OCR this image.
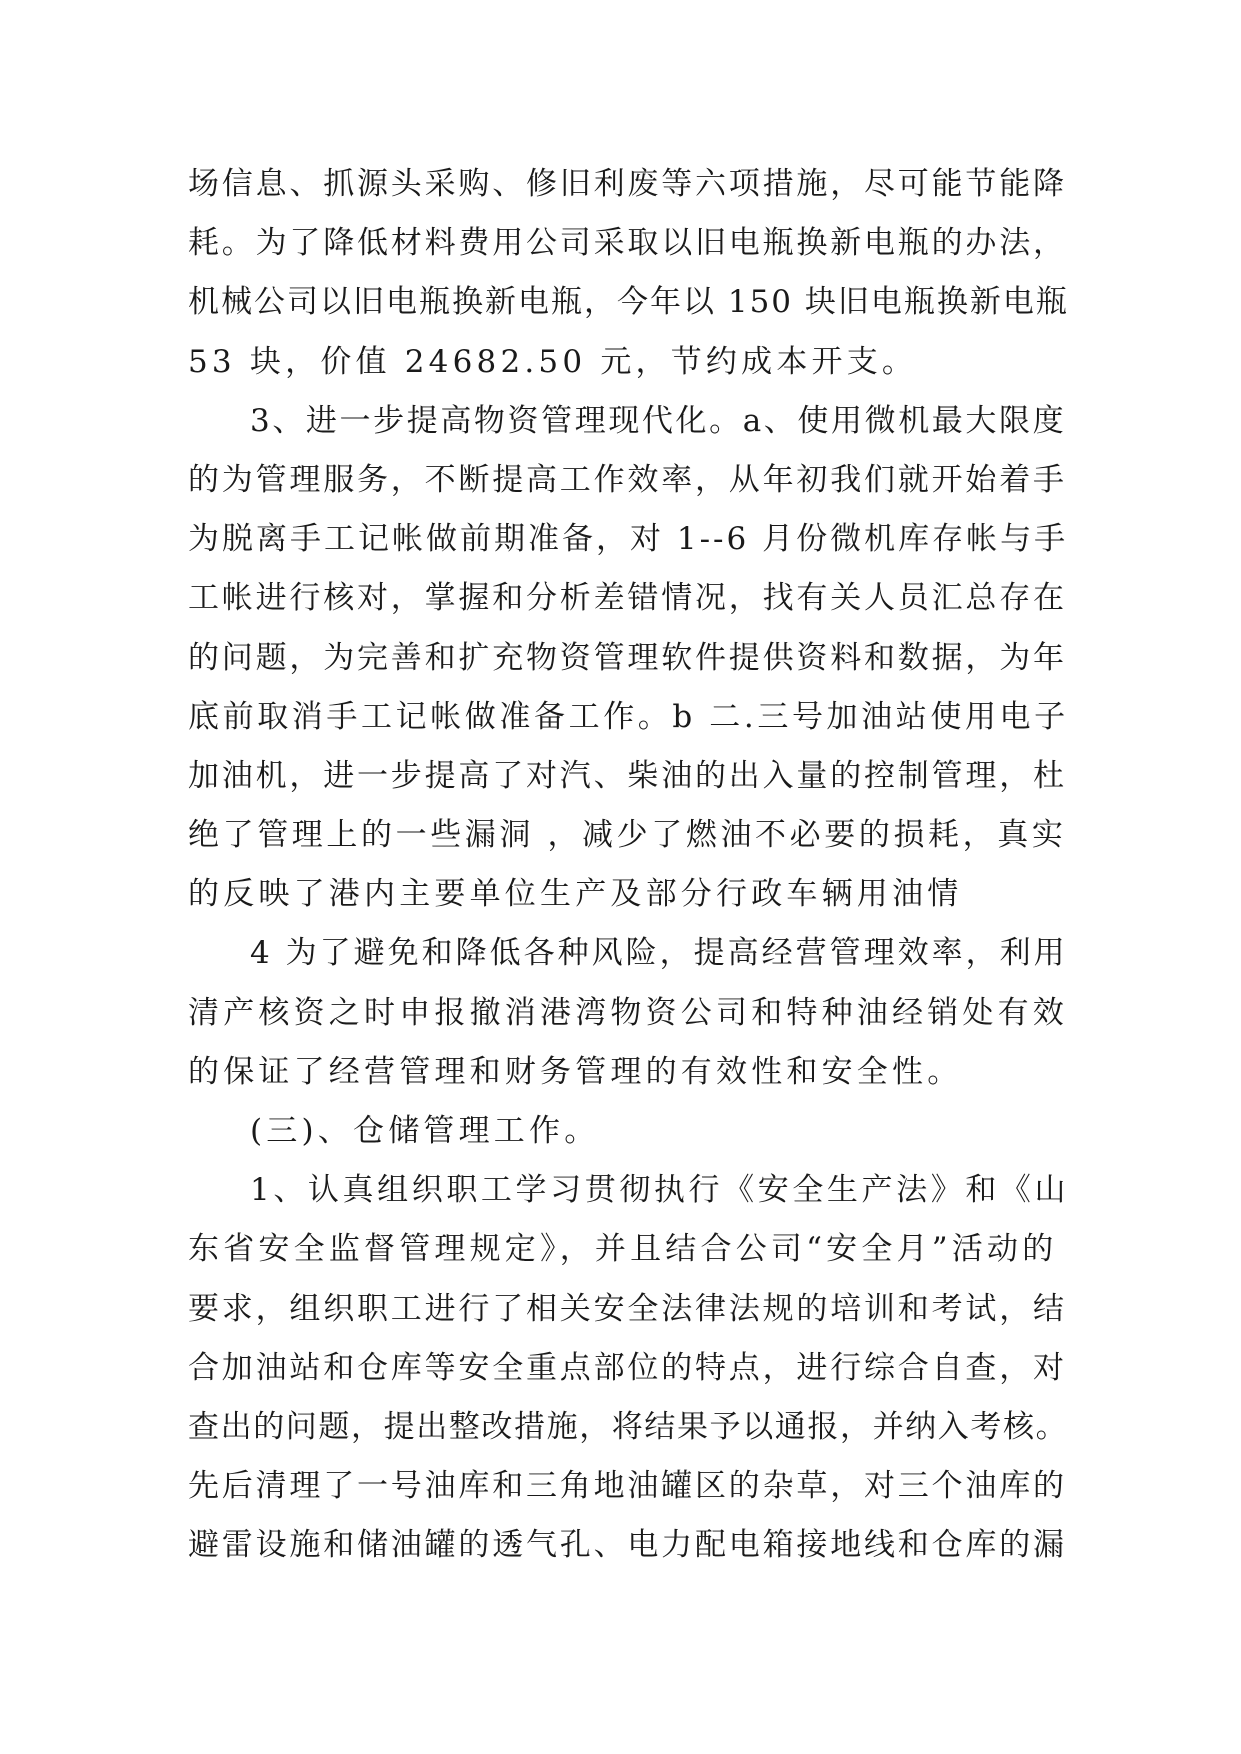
场信息、抓源头采购、修旧利废等六项措施，尽可能节能降
耗。为了降低材料费用公司采取以旧电瓶换新电瓶的办法，
机械公司以旧电瓶换新电瓶，今年以 150 块旧电瓶换新电瓶
53 块，价值 24682.50 元，节约成本开支。
3、进一步提高物资管理现代化。a、使用微机最大限度
的为管理服务，不断提高工作效率，从年初我们就开始着手
为脱离手工记帐做前期准备，对 1--6 月份微机库存帐与手
工帐进行核对，掌握和分析差错情况，找有关人员汇总存在
的问题，为完善和扩充物资管理软件提供资料和数据，为年
底前取消手工记帐做准备工作。b 二.三号加油站使用电子
加油机，进一步提高了对汽、柴油的出入量的控制管理，杜
绝了管理上的一些漏洞 ，减少了燃油不必要的损耗，真实
的反映了港内主要单位生产及部分行政车辆用油情
4 为了避免和降低各种风险，提高经营管理效率，利用
清产核资之时申报撤消港湾物资公司和特种油经销处有效
的保证了经营管理和财务管理的有效性和安全性。
(三)、仓储管理工作。
1、认真组织职工学习贯彻执行《安全生产法》和《山
东省安全监督管理规定》，并且结合公司“安全月”活动的
要求，组织职工进行了相关安全法律法规的培训和考试，结
合加油站和仓库等安全重点部位的特点，进行综合自查，对
查出的问题，提出整改措施，将结果予以通报，并纳入考核。
先后清理了一号油库和三角地油罐区的杂草，对三个油库的
避雷设施和储油罐的透气孔、电力配电箱接地线和仓库的漏
